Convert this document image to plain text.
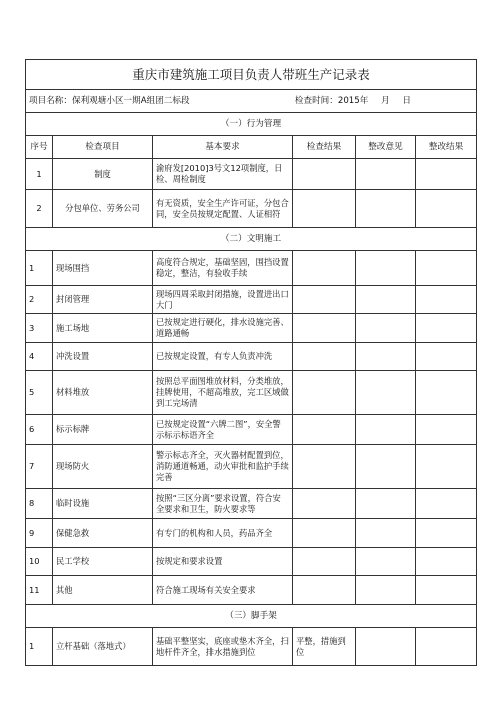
重庆市建筑施工项目负责人带班生产记录表					
项目名称：保利观塘小区一期A组团二标段 检查时间：2015年 月 日					

（一）行为管理					
序号	检查项目	基本要求	检查结果	整改意见	整改结果
1	制度	渝府发[2010]3号文12项制度，日检、周检制度			
2	分包单位、劳务公司	有无资质，安全生产许可证，分包合同，安全员按规定配置、人证相符			
（二）文明施工					
1	现场围挡	高度符合规定，基础坚固，围挡设置稳定，整洁，有验收手续			
2	封闭管理	现场四周采取封闭措施，设置进出口大门			
3	施工场地	已按规定进行硬化，排水设施完善、道路通畅			
4	冲洗设置	已按规定设置，有专人负责冲洗			
5	材料堆放	按照总平面图堆放材料，分类堆放，挂牌使用，不超高堆放，完工区域做到工完场清			
6	标示标牌	已按规定设置“六牌二图”，安全警示标示标语齐全			
7	现场防火	警示标志齐全，灭火器材配置到位，消防通道畅通，动火审批和监护手续完善			
8	临时设施	按照“三区分离”要求设置，符合安全要求和卫生，防火要求等			
9	保健急救	有专门的机构和人员，药品齐全			
10	民工学校	按规定和要求设置			
11	其他	符合施工现场有关安全要求			
（三）脚手架					
1	立杆基础（落地式）	基础平整坚实，底座或垫木齐全，扫地杆件齐全，排水措施到位	平整，措施到位		
